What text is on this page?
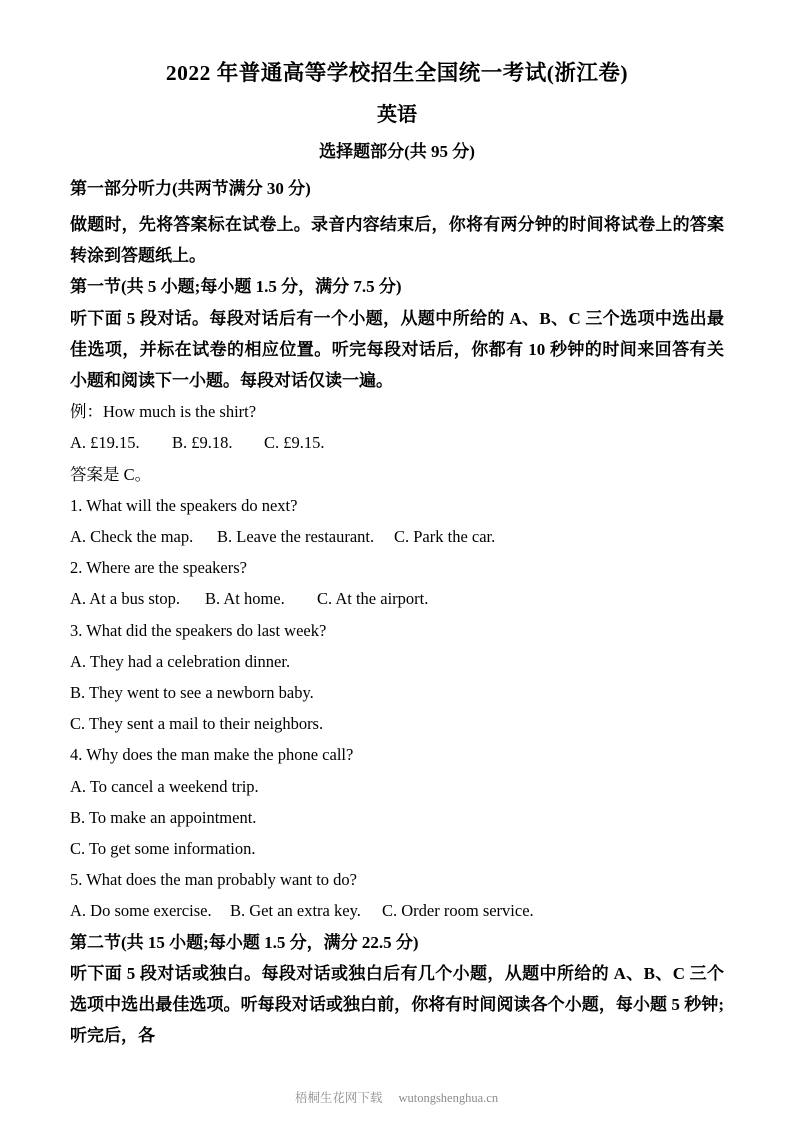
2022 年普通高等学校招生全国统一考试(浙江卷)
英语
选择题部分(共 95 分)

第一部分听力(共两节满分 30 分)

做题时，先将答案标在试卷上。录音内容结束后，你将有两分钟的时间将试卷上的答案转涂到答题纸上。

第一节(共 5 小题;每小题 1.5 分，满分 7.5 分)

听下面 5 段对话。每段对话后有一个小题，从题中所给的 A、B、C 三个选项中选出最佳选项，并标在试卷的相应位置。听完每段对话后，你都有 10 秒钟的时间来回答有关小题和阅读下一小题。每段对话仅读一遍。

例：How much is the shirt?

A. £19.15. B. £9.18. C. £9.15.

答案是 C。

1. What will the speakers do next?

A. Check the map. B. Leave the restaurant. C. Park the car.

2. Where are the speakers?

A. At a bus stop. B. At home. C. At the airport.

3. What did the speakers do last week?

A. They had a celebration dinner.

B. They went to see a newborn baby.

C. They sent a mail to their neighbors.

4. Why does the man make the phone call?

A. To cancel a weekend trip.

B. To make an appointment.

C. To get some information.

5. What does the man probably want to do?

A. Do some exercise. B. Get an extra key. C. Order room service.

第二节(共 15 小题;每小题 1.5 分，满分 22.5 分)

听下面 5 段对话或独白。每段对话或独白后有几个小题，从题中所给的 A、B、C 三个选项中选出最佳选项。听每段对话或独白前，你将有时间阅读各个小题，每小题 5 秒钟;听完后，各

梧桐生花网下载 wutongshenghua.cn
